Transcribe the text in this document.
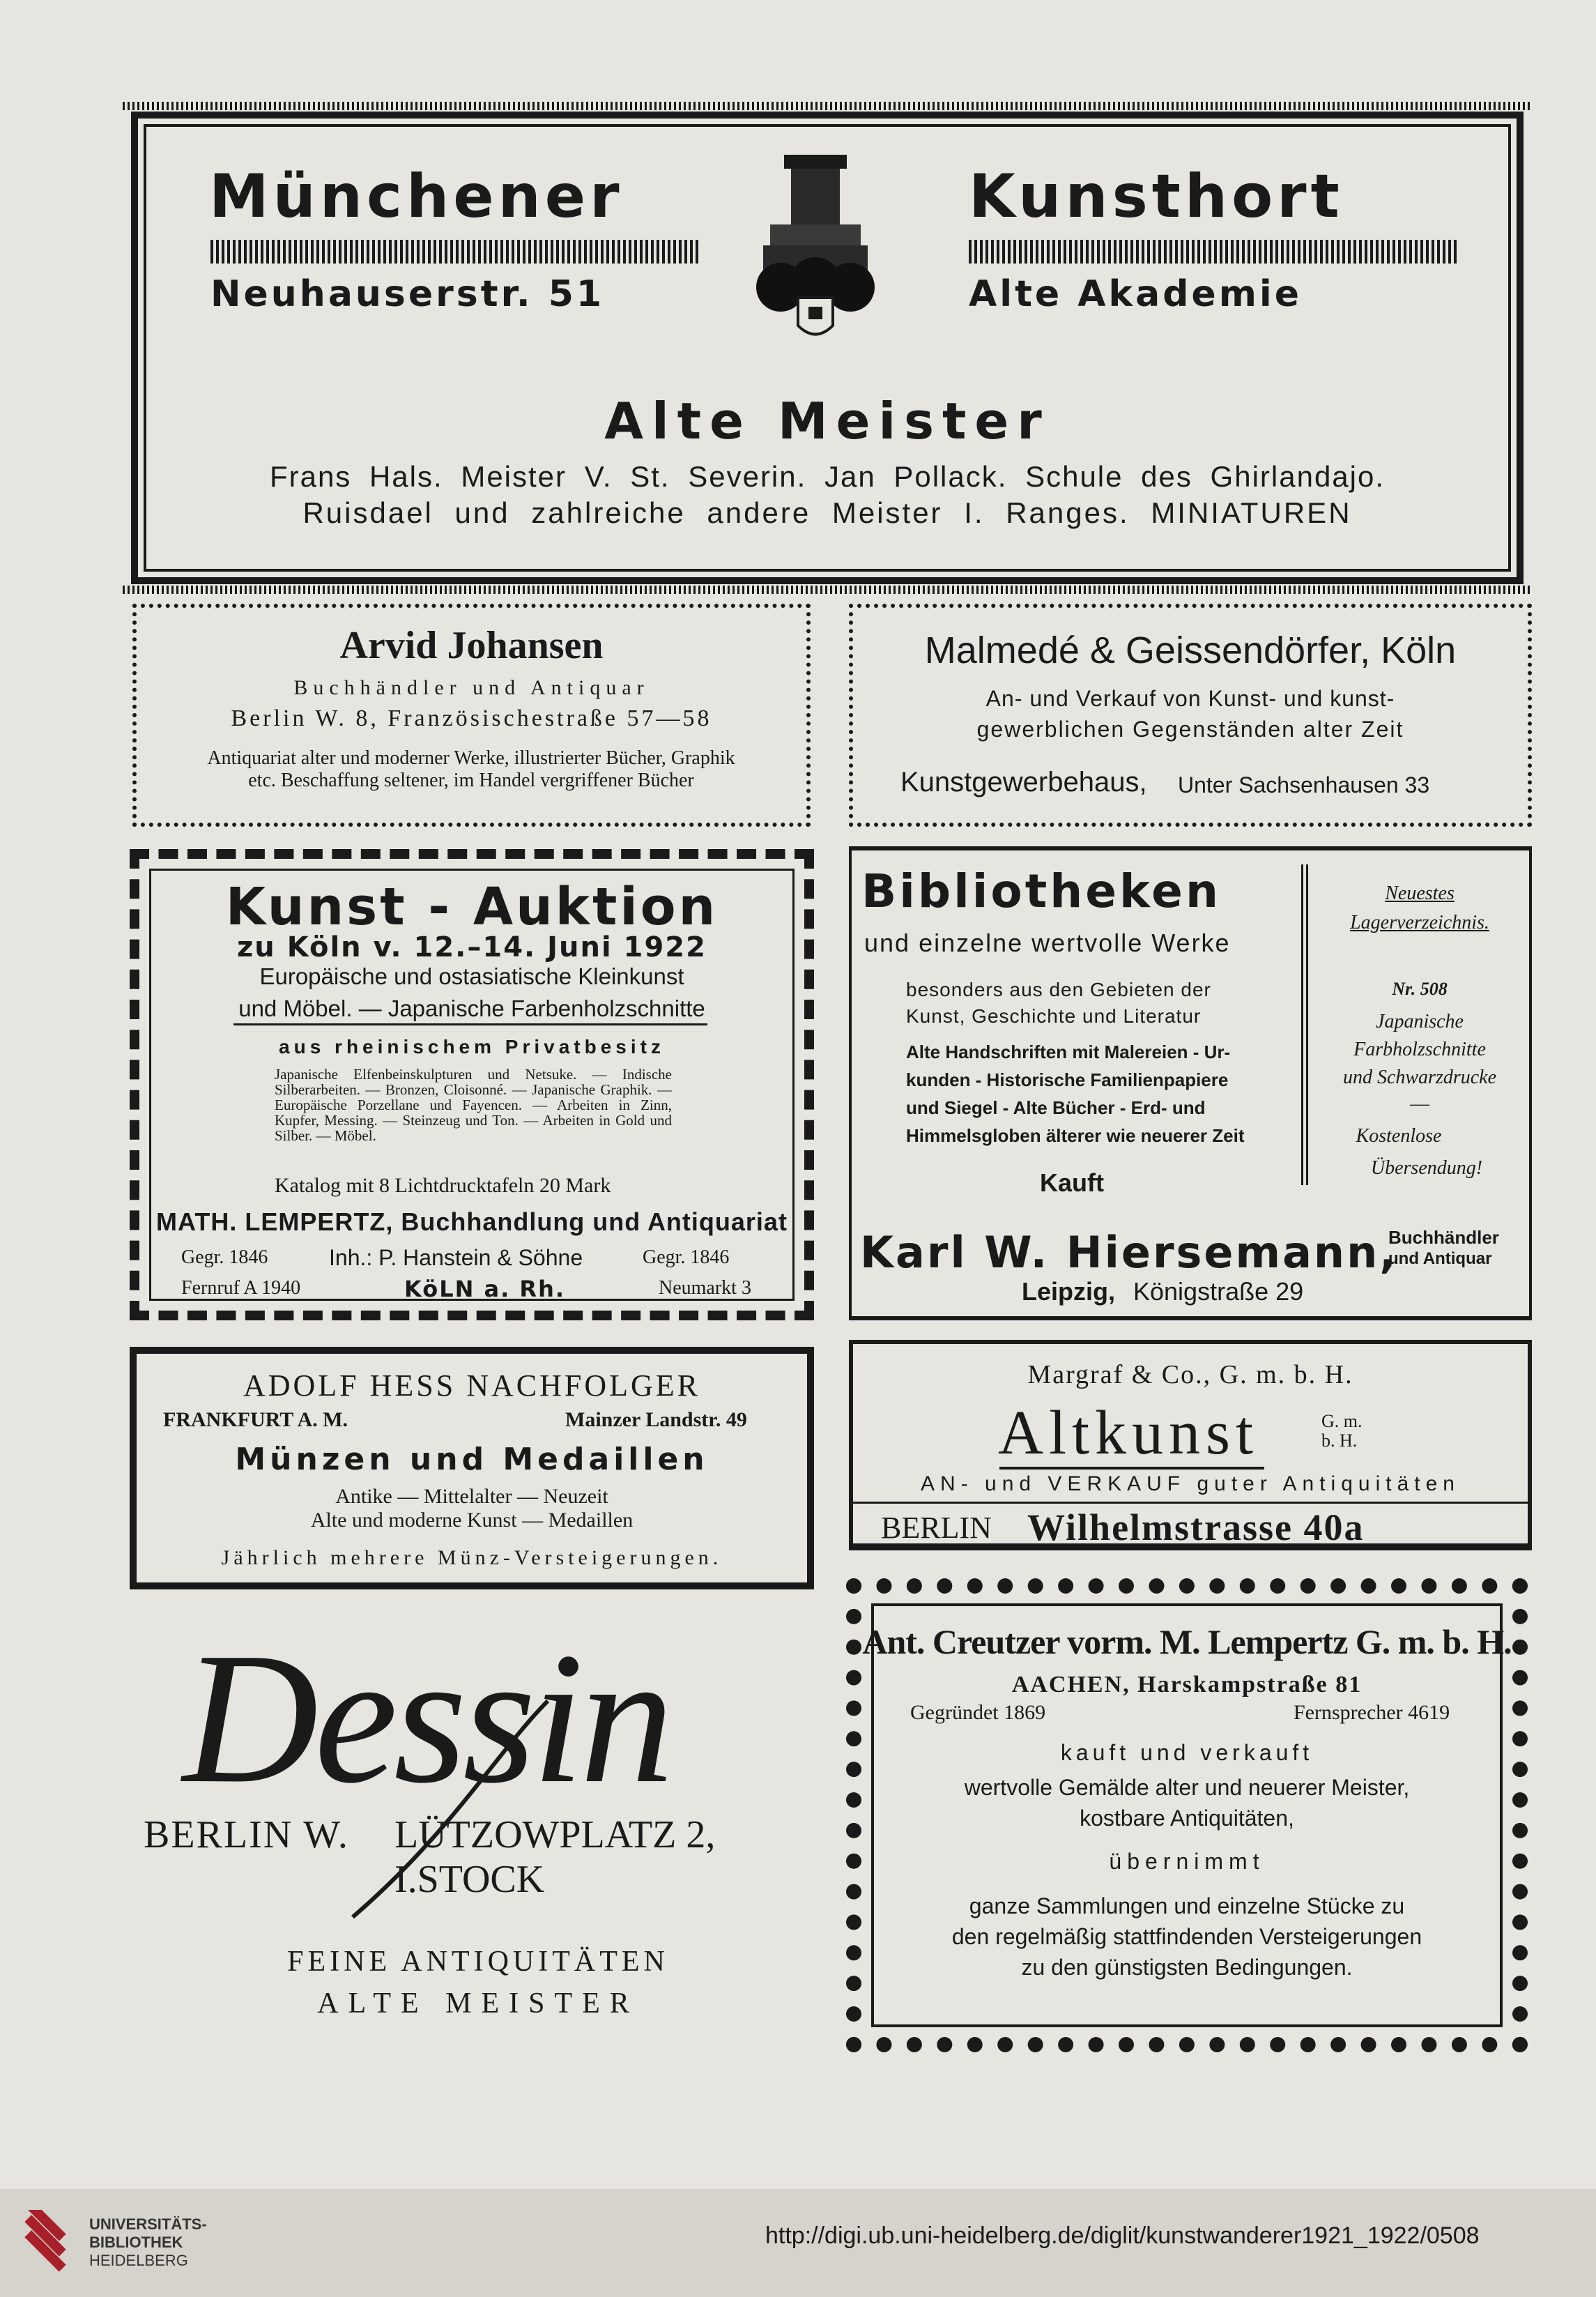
Münchener
Neuhauserstr. 51
Kunsthort
Alte Akademie
Alte Meister
Frans Hals. Meister V. St. Severin. Jan Pollack. Schule des Ghirlandajo.
Ruisdael und zahlreiche andere Meister I. Ranges. MINIATUREN
Arvid Johansen
Buchhändler und Antiquar
Berlin W. 8, Französischestraße 57—58
Antiquariat alter und moderner Werke, illustrierter Bücher, Graphik etc. Beschaffung seltener, im Handel vergriffener Bücher
Malmedé & Geissendörfer, Köln
An- und Verkauf von Kunst- und kunst-
gewerblichen Gegenständen alter Zeit
Kunstgewerbehaus, Unter Sachsenhausen 33
Kunst - Auktion
zu Köln v. 12.–14. Juni 1922
Europäische und ostasiatische Kleinkunst
und Möbel. — Japanische Farbenholzschnitte
aus rheinischem Privatbesitz
Japanische Elfenbeinskulpturen und Netsuke. — Indische Silberarbeiten. — Bronzen, Cloisonné. — Japanische Graphik. — Europäische Porzellane und Fayencen. — Arbeiten in Zinn, Kupfer, Messing. — Steinzeug und Ton. — Arbeiten in Gold und Silber. — Möbel.
Katalog mit 8 Lichtdrucktafeln 20 Mark
MATH. LEMPERTZ, Buchhandlung und Antiquariat
Gegr. 1846	Inh.: P. Hanstein & Söhne	Gegr. 1846
Fernruf A 1940	KöLN a. Rh.	Neumarkt 3
Bibliotheken
und einzelne wertvolle Werke
besonders aus den Gebieten der
Kunst, Geschichte und Literatur
Alte Handschriften mit Malereien - Ur-
kunden - Historische Familienpapiere
und Siegel - Alte Bücher - Erd- und
Himmelsgloben älterer wie neuerer Zeit
Kauft
Neuestes
Lagerverzeichnis.
Nr. 508
Japanische
Farbholzschnitte
und Schwarzdrucke
—
Kostenlose
Übersendung!
Karl W. Hiersemann,
Buchhändler
und Antiquar
Leipzig, Königstraße 29
ADOLF HESS NACHFOLGER
FRANKFURT A. M.	Mainzer Landstr. 49
Münzen und Medaillen
Antike — Mittelalter — Neuzeit
Alte und moderne Kunst — Medaillen
Jährlich mehrere Münz-Versteigerungen.
Margraf & Co., G. m. b. H.
Altkunst	G. m.
b. H.
AN- und VERKAUF guter Antiquitäten
BERLIN Wilhelmstrasse 40a
Dessin
BERLIN W. LÜTZOWPLATZ 2, I.STOCK
FEINE ANTIQUITÄTEN
ALTE MEISTER
Ant. Creutzer vorm. M. Lempertz G. m. b. H.
AACHEN, Harskampstraße 81
Gegründet 1869	Fernsprecher 4619
kauft und verkauft
wertvolle Gemälde alter und neuerer Meister,
kostbare Antiquitäten,
übernimmt
ganze Sammlungen und einzelne Stücke zu
den regelmäßig stattfindenden Versteigerungen
zu den günstigsten Bedingungen.
UNIVERSITÄTS-
BIBLIOTHEK
HEIDELBERG
http://digi.ub.uni-heidelberg.de/diglit/kunstwanderer1921_1922/0508
